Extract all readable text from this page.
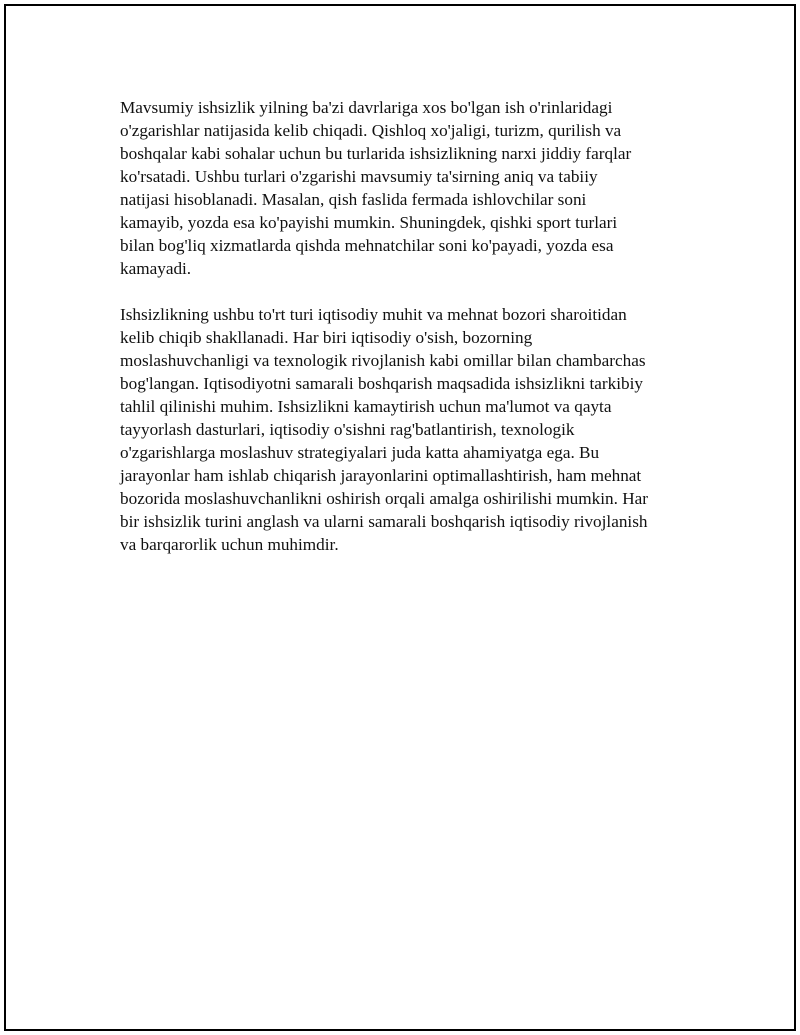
Mavsumiy ishsizlik yilning ba'zi davrlariga xos bo'lgan ish o'rinlaridagi
o'zgarishlar natijasida kelib chiqadi. Qishloq xo'jaligi, turizm, qurilish va
boshqalar kabi sohalar uchun bu turlarida ishsizlikning narxi jiddiy farqlar
ko'rsatadi. Ushbu turlari o'zgarishi mavsumiy ta'sirning aniq va tabiiy
natijasi hisoblanadi. Masalan, qish faslida fermada ishlovchilar soni
kamayib, yozda esa ko'payishi mumkin. Shuningdek, qishki sport turlari
bilan bog'liq xizmatlarda qishda mehnatchilar soni ko'payadi, yozda esa
kamayadi.

Ishsizlikning ushbu to'rt turi iqtisodiy muhit va mehnat bozori sharoitidan
kelib chiqib shakllanadi. Har biri iqtisodiy o'sish, bozorning
moslashuvchanligi va texnologik rivojlanish kabi omillar bilan chambarchas
bog'langan. Iqtisodiyotni samarali boshqarish maqsadida ishsizlikni tarkibiy
tahlil qilinishi muhim. Ishsizlikni kamaytirish uchun ma'lumot va qayta
tayyorlash dasturlari, iqtisodiy o'sishni rag'batlantirish, texnologik
o'zgarishlarga moslashuv strategiyalari juda katta ahamiyatga ega. Bu
jarayonlar ham ishlab chiqarish jarayonlarini optimallashtirish, ham mehnat
bozorida moslashuvchanlikni oshirish orqali amalga oshirilishi mumkin. Har
bir ishsizlik turini anglash va ularni samarali boshqarish iqtisodiy rivojlanish
va barqarorlik uchun muhimdir.
